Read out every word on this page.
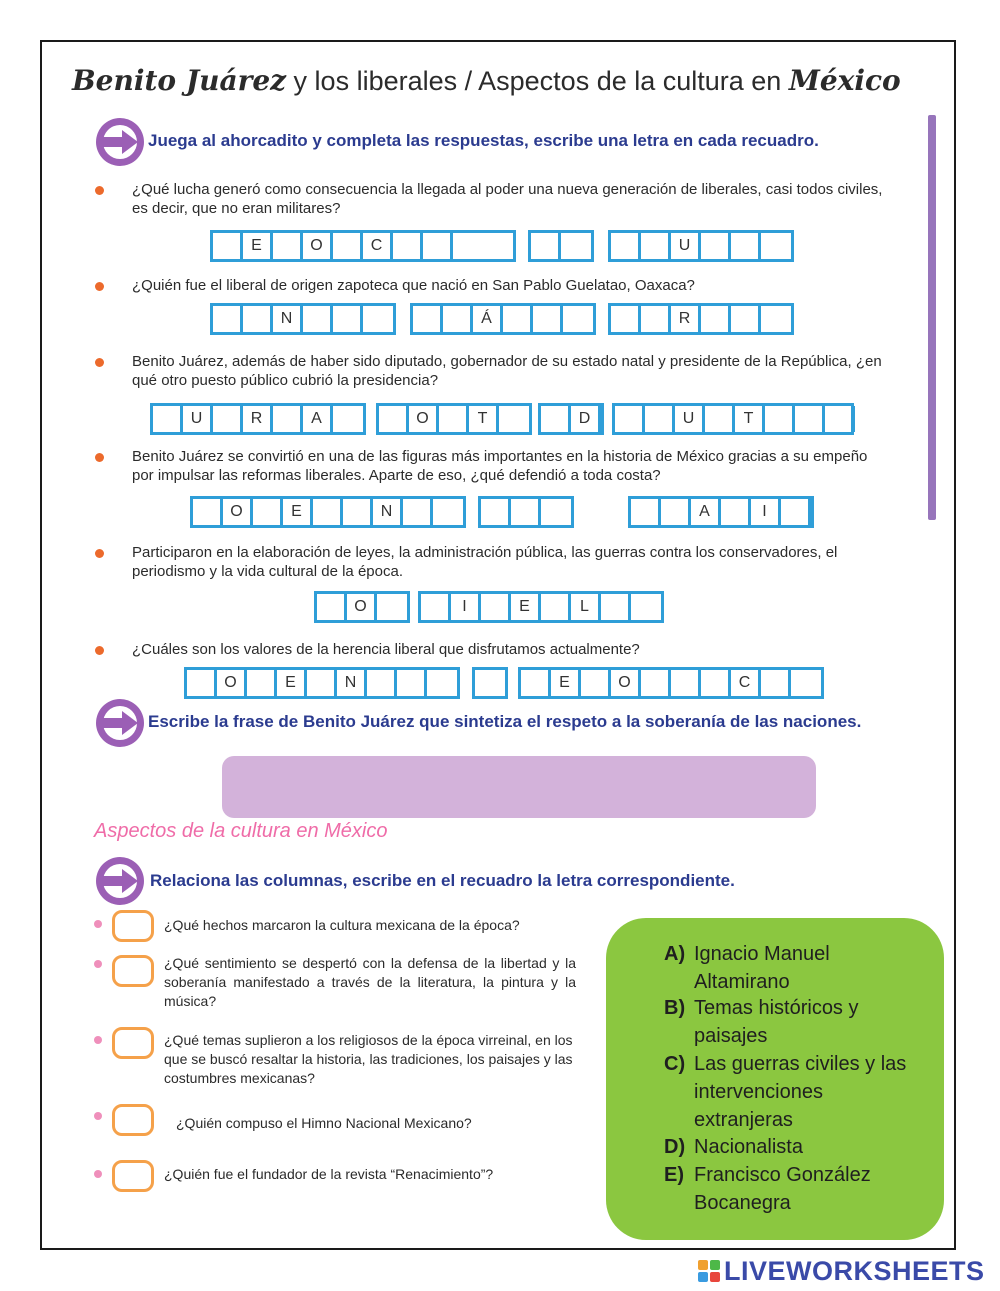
Benito Juárez y los liberales / Aspectos de la cultura en México
Juega al ahorcadito y completa las respuestas, escribe una letra en cada recuadro.
¿Qué lucha generó como consecuencia la llegada al poder una nueva generación de liberales, casi todos civiles, es decir, que no eran militares?
E	O	C	U
¿Quién fue el liberal de origen zapoteca que nació en San Pablo Guelatao, Oaxaca?
N	Á	R
Benito Juárez, además de haber sido diputado, gobernador de su estado natal y presidente de la República, ¿en qué otro puesto público cubrió la presidencia?
U	R	A	O	T	D	U	T
Benito Juárez se convirtió en una de las figuras más importantes en la historia de México gracias a su empeño por impulsar las reformas liberales. Aparte de eso, ¿qué defendió a toda costa?
O	E	N	A	I
Participaron en la elaboración de leyes, la administración pública, las guerras contra los conservadores, el periodismo y la vida cultural de la época.
O	I	E	L
¿Cuáles son los valores de la herencia liberal que disfrutamos actualmente?
O	E	N	E	O	C
Escribe la frase de Benito Juárez que sintetiza el respeto a la soberanía de las naciones.
Aspectos de la cultura en México
Relaciona las columnas, escribe en el recuadro la letra correspondiente.
¿Qué hechos marcaron la cultura mexicana de la época?
¿Qué sentimiento se despertó con la defensa de la libertad y la soberanía manifestado a través de la literatura, la pintura y la música?
¿Qué temas suplieron a los religiosos de la época virreinal, en los que se buscó resaltar la historia, las tradiciones, los paisajes y las costumbres mexicanas?
¿Quién compuso el Himno Nacional Mexicano?
¿Quién fue el fundador de la revista “Renacimiento”?
A) Ignacio Manuel Altamirano
B) Temas históricos y paisajes
C) Las guerras civiles y las intervenciones extranjeras
D) Nacionalista
E) Francisco González Bocanegra
LIVEWORKSHEETS
